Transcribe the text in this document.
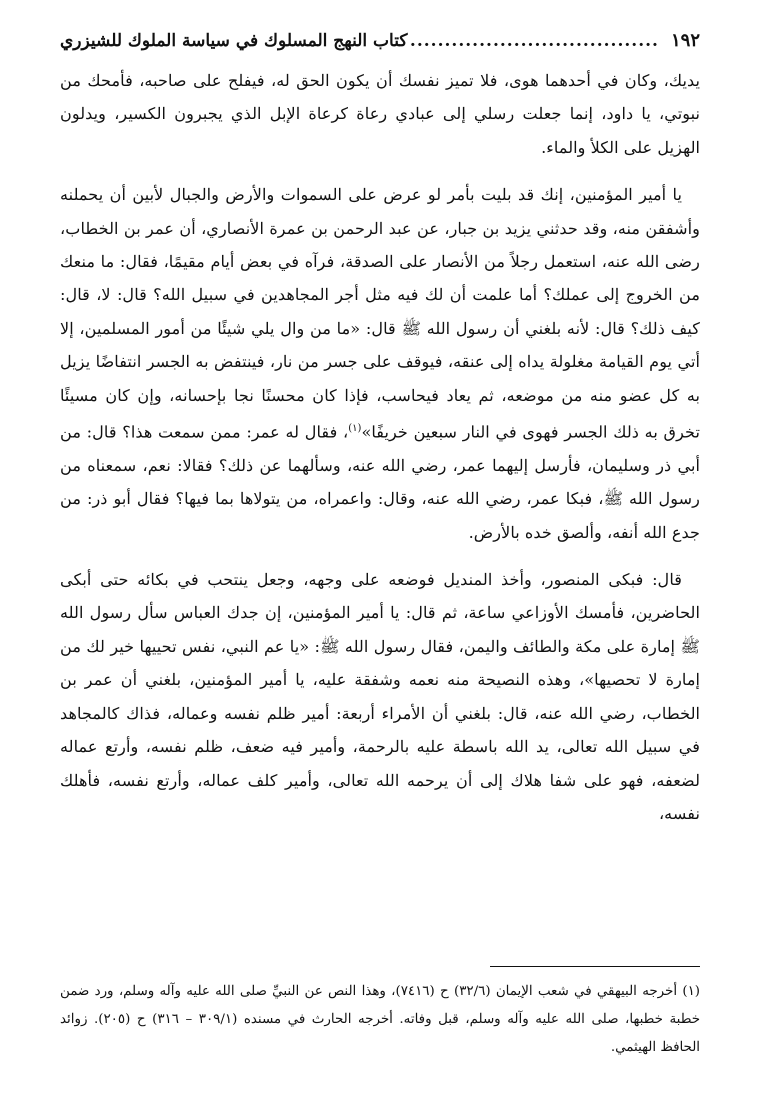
١٩٢
.....
كتاب النهج المسلوك في سياسة الملوك للشيزري

يديك، وكان في أحدهما هوى، فلا تميز نفسك أن يكون الحق له، فيفلح على صاحبه، فأمحك من نبوتي، يا داود، إنما جعلت رسلي إلى عبادي رعاة كرعاة الإبل الذي يجبرون الكسير، ويدلون الهزيل على الكلأ والماء.

يا أمير المؤمنين، إنك قد بليت بأمر لو عرض على السموات والأرض والجبال لأبين أن يحملنه وأشفقن منه، وقد حدثني يزيد بن جبار، عن عبد الرحمن بن عمرة الأنصاري، أن عمر بن الخطاب، رضى الله عنه، استعمل رجلاً من الأنصار على الصدقة، فرآه في بعض أيام مقيمًا، فقال: ما منعك من الخروج إلى عملك؟ أما علمت أن لك فيه مثل أجر المجاهدين في سبيل الله؟ قال: لا، قال: كيف ذلك؟ قال: لأنه بلغني أن رسول الله ﷺ قال: «ما من وال يلي شيئًا من أمور المسلمين، إلا أتي يوم القيامة مغلولة يداه إلى عنقه، فيوقف على جسر من نار، فينتفض به الجسر انتفاضًا يزيل به كل عضو منه من موضعه، ثم يعاد فيحاسب، فإذا كان محسنًا نجا بإحسانه، وإن كان مسيئًا تخرق به ذلك الجسر فهوى في النار سبعين خريفًا»$^{(١)}$، فقال له عمر: ممن سمعت هذا؟ قال: من أبي ذر وسليمان، فأرسل إليهما عمر، رضي الله عنه، وسألهما عن ذلك؟ فقالا: نعم، سمعناه من رسول الله ﷺ، فبكا عمر، رضي الله عنه، وقال: واعمراه، من يتولاها بما فيها؟ فقال أبو ذر: من جدع الله أنفه، وألصق خده بالأرض.

قال: فبكى المنصور، وأخذ المنديل فوضعه على وجهه، وجعل ينتحب في بكائه حتى أبكى الحاضرين، فأمسك الأوزاعي ساعة، ثم قال: يا أمير المؤمنين، إن جدك العباس سأل رسول الله ﷺ إمارة على مكة والطائف واليمن، فقال رسول الله ﷺ: «يا عم النبي، نفس تحييها خير لك من إمارة لا تحصيها»، وهذه النصيحة منه نعمه وشفقة عليه، يا أمير المؤمنين، بلغني أن عمر بن الخطاب، رضي الله عنه، قال: بلغني أن الأمراء أربعة: أمير ظلم نفسه وعماله، فذاك كالمجاهد في سبيل الله تعالى، يد الله باسطة عليه بالرحمة، وأمير فيه ضعف، ظلم نفسه، وأرتع عماله لضعفه، فهو على شفا هلاك إلى أن يرحمه الله تعالى، وأمير كلف عماله، وأرتع نفسه، فأهلك نفسه،

(١) أخرجه البيهقي في شعب الإيمان (٣٢/٦) ح (٧٤١٦)، وهذا النص عن النبيِّ صلى الله عليه وآله وسلم، ورد ضمن خطبة خطبها، صلى الله عليه وآله وسلم، قبل وفاته. أخرجه الحارث في مسنده (٣٠٩/١ – ٣١٦) ح (٢٠٥). زوائد الحافظ الهيثمي.
